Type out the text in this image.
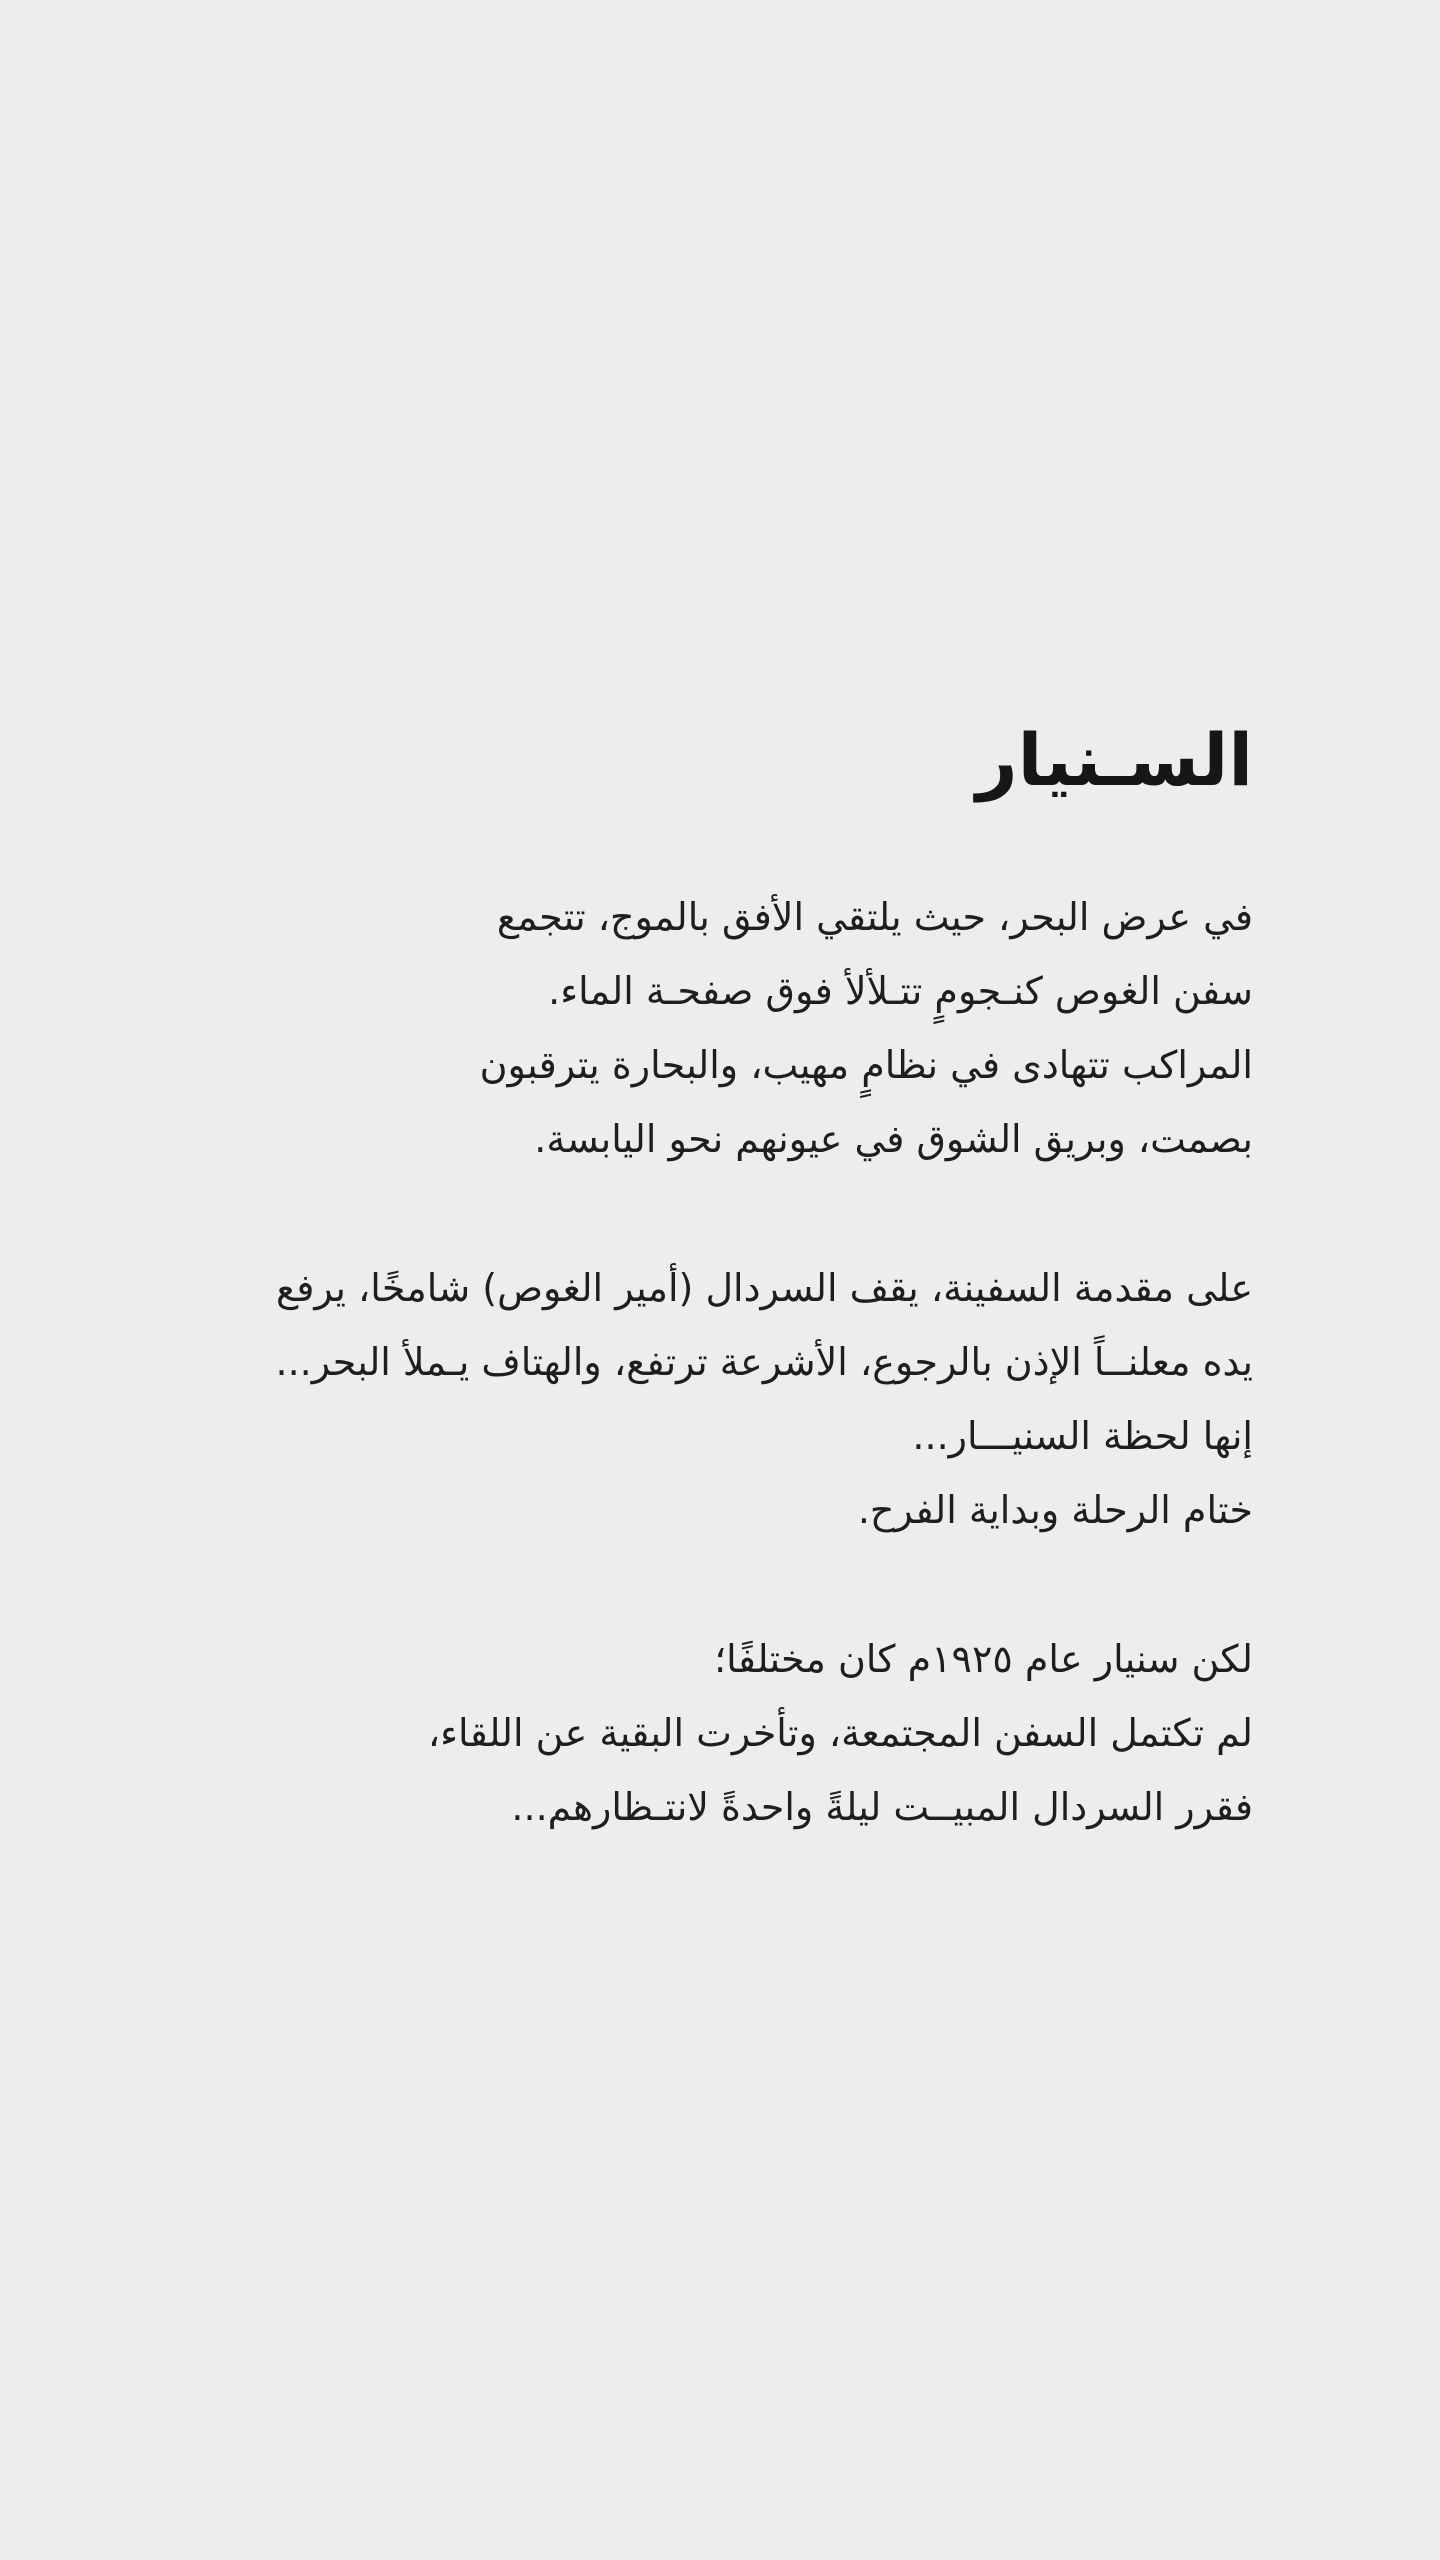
السـنيار
في عرض البحر، حيث يلتقي الأفق بالموج، تتجمع
سفن الغوص كنـجومٍ تتـلألأ فوق صفحـة الماء.
المراكب تتهادى في نظامٍ مهيب، والبحارة يترقبون
بصمت، وبريق الشوق في عيونهم نحو اليابسة.
على مقدمة السفينة، يقف السردال (أمير الغوص) شامخًا، يرفع
يده معلنــاً الإذن بالرجوع، الأشرعة ترتفع، والهتاف يـملأ البحر...
إنها لحظة السنيـــار...
ختام الرحلة وبداية الفرح.
لكن سنيار عام ١٩٢٥م كان مختلفًا؛
لم تكتمل السفن المجتمعة، وتأخرت البقية عن اللقاء،
فقرر السردال المبيــت ليلةً واحدةً لانتـظارهم...
